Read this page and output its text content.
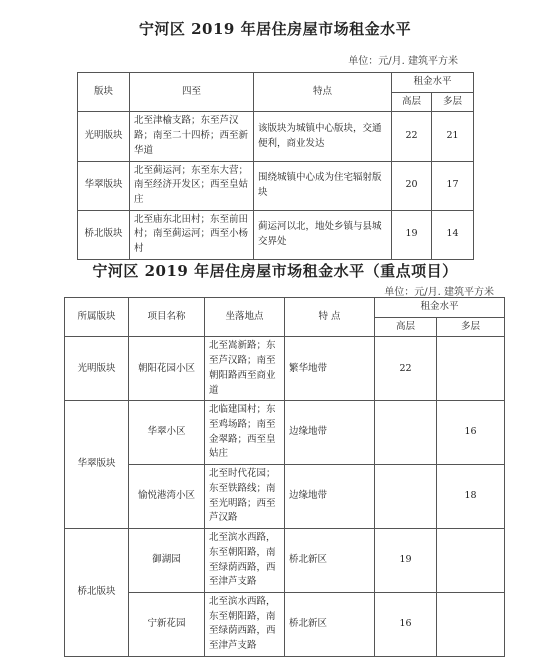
宁河区 2019 年居住房屋市场租金水平
单位：元/月. 建筑平方米
版块	四至	特点	租金水平	
			高层	多层
光明版块	北至津榆支路；东至芦汉路；南至二十四桥；西至新华道	该版块为城镇中心版块，交通便利，商业发达	22	21
华翠版块	北至蓟运河；东至东大营；南至经济开发区；西至皇姑庄	围绕城镇中心成为住宅辐射版块	20	17
桥北版块	北至庙东北田村；东至前田村；南至蓟运河；西至小杨村	蓟运河以北，地处乡镇与县城交界处	19	14
宁河区 2019 年居住房屋市场租金水平（重点项目）
单位：元/月. 建筑平方米
所属版块	项目名称	坐落地点	特 点	租金水平	
				高层	多层
光明版块	朝阳花园小区	北至嵩新路；东至芦汉路；南至朝阳路西至商业道	繁华地带	22	
华翠版块	华翠小区	北临建国村；东至鸡场路；南至金翠路；西至皇姑庄	边缘地带		16
	愉悦港湾小区	北至时代花园；东至铁路线；南至光明路；西至芦汉路	边缘地带		18
桥北版块	御湖园	北至滨水西路，东至朝阳路，南至绿荫西路，西至津芦支路	桥北新区	19	
	宁新花园	北至滨水西路，东至朝阳路，南至绿荫西路，西至津芦支路	桥北新区	16	
